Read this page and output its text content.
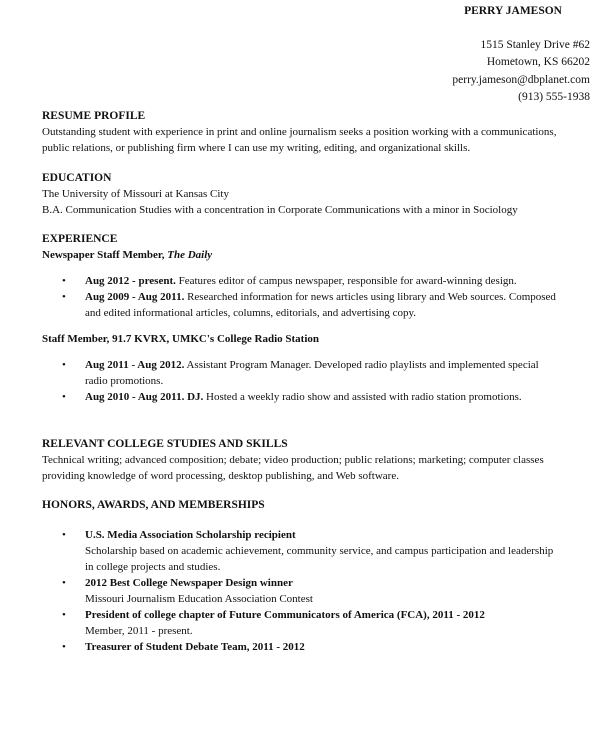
PERRY JAMESON
1515 Stanley Drive #62
Hometown, KS 66202
perry.jameson@dbplanet.com
(913) 555-1938
RESUME PROFILE
Outstanding student with experience in print and online journalism seeks a position working with a communications,
public relations, or publishing firm where I can use my writing, editing, and organizational skills.
EDUCATION
The University of Missouri at Kansas City
B.A. Communication Studies with a concentration in Corporate Communications with a minor in Sociology
EXPERIENCE
Newspaper Staff Member, The Daily
• Aug 2012 - present. Features editor of campus newspaper, responsible for award-winning design.
• Aug 2009 - Aug 2011. Researched information for news articles using library and Web sources. Composed
and edited informational articles, columns, editorials, and advertising copy.
Staff Member, 91.7 KVRX, UMKC's College Radio Station
• Aug 2011 - Aug 2012. Assistant Program Manager. Developed radio playlists and implemented special
radio promotions.
• Aug 2010 - Aug 2011. DJ. Hosted a weekly radio show and assisted with radio station promotions.
RELEVANT COLLEGE STUDIES AND SKILLS
Technical writing; advanced composition; debate; video production; public relations; marketing; computer classes
providing knowledge of word processing, desktop publishing, and Web software.
HONORS, AWARDS, AND MEMBERSHIPS
• U.S. Media Association Scholarship recipient
Scholarship based on academic achievement, community service, and campus participation and leadership
in college projects and studies.
• 2012 Best College Newspaper Design winner
Missouri Journalism Education Association Contest
• President of college chapter of Future Communicators of America (FCA), 2011 - 2012
Member, 2011 - present.
• Treasurer of Student Debate Team, 2011 - 2012
